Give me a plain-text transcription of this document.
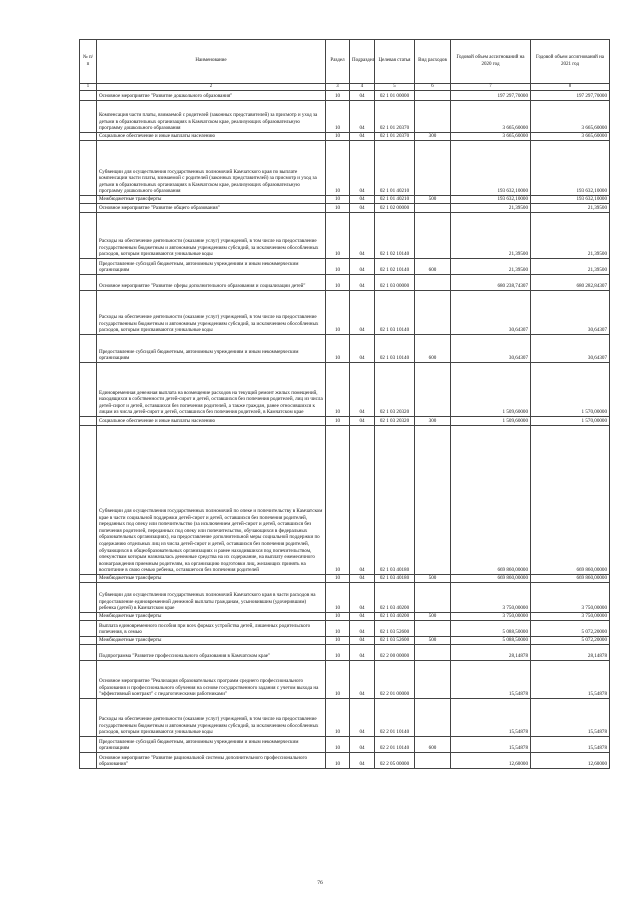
№ п/п	Наименование	Раздел	Подраздел	Целевая статья	Вид расходов	Годовой объем ассигнований на 2020 год	Годовой объем ассигнований на 2021 год
1	2	3	4	5	6	7	8
	Основное мероприятие "Развитие дошкольного образования"	10	04	02 1 01 00000		197 297,70000	197 297,70000
	Компенсация части платы, взимаемой с родителей (законных представителей) за присмотр и уход за детьми в образовательных организациях в Камчатском крае, реализующих образовательную программу дошкольного образования	10	04	02 1 01 20370		3 665,60000	3 665,60000
	Социальное обеспечение и иные выплаты населению	10	04	02 1 01 20370	300	3 665,60000	3 665,60000
	Субвенции для осуществления государственных полномочий Камчатского края по выплате компенсации части платы, взимаемой с родителей (законных представителей) за присмотр и уход за детьми в образовательных организациях в Камчатском крае, реализующих образовательную программу дошкольного образования	10	04	02 1 01 40210		193 632,10000	193 632,10000
	Межбюджетные трансферты	10	04	02 1 01 40210	500	193 632,10000	193 632,10000
	Основное мероприятие "Развитие общего образования"	10	04	02 1 02 00000		21,39500	21,39500
	Расходы на обеспечение деятельности (оказание услуг) учреждений, в том числе на предоставление государственным бюджетным и автономным учреждениям субсидий, за исключением обособленных расходов, которым присваиваются уникальные коды	10	04	02 1 02 10140		21,39500	21,39500
	Предоставление субсидий бюджетным, автономным учреждениям и иным некоммерческим организациям	10	04	02 1 02 10140	600	21,39500	21,39500
	Основное мероприятие "Развитие сферы дополнительного образования и социализации детей"	10	04	02 1 03 00000		680 238,74307	680 282,84307
	Расходы на обеспечение деятельности (оказание услуг) учреждений, в том числе на предоставление государственным бюджетным и автономным учреждениям субсидий, за исключением обособленных расходов, которым присваиваются уникальные коды	10	04	02 1 03 10140		30,64307	30,64307
	Предоставление субсидий бюджетным, автономным учреждениям и иным некоммерческим организациям	10	04	02 1 03 10140	600	30,64307	30,64307
	Единовременная денежная выплата на возмещение расходов на текущий ремонт жилых помещений, находящихся в собственности детей-сирот и детей, оставшихся без попечения родителей, лиц из числа детей-сирот и детей, оставшихся без попечения родителей, а также граждан, ранее относившихся к лицам из числа детей-сирот и детей, оставшихся без попечения родителей, в Камчатском крае	10	04	02 1 03 20320		1 509,60000	1 570,00000
	Социальное обеспечение и иные выплаты населению	10	04	02 1 03 20320	300	1 509,60000	1 570,00000
	Субвенции для осуществления государственных полномочий по опеке и попечительству в Камчатском крае в части социальной поддержки детей-сирот и детей, оставшихся без попечения родителей, переданных под опеку или попечительство (за исключением детей-сирот и детей, оставшихся без попечения родителей, переданных под опеку или попечительство, обучающихся в федеральных образовательных организациях), на предоставление дополнительной меры социальной поддержки по содержанию отдельных лиц из числа детей-сирот и детей, оставшихся без попечения родителей, обучающихся в общеобразовательных организациях и ранее находившихся под попечительством, опекунствам которым назначалась денежные средства на их содержание, на выплату ежемесячного вознаграждения приемным родителям, на организацию подготовки лиц, желающих принять на воспитание в свою семью ребенка, оставшегося без попечения родителей	10	04	02 1 03 40180		669 860,00000	669 860,00000
	Межбюджетные трансферты	10	04	02 1 03 40180	500	669 860,00000	669 860,00000
	Субвенции для осуществления государственных полномочий Камчатского края в части расходов на предоставление единовременной денежной выплаты гражданам, усыновившим (удочерившим) ребенка (детей) в Камчатском крае	10	04	02 1 03 40200		3 750,00000	3 750,00000
	Межбюджетные трансферты	10	04	02 1 03 40200	500	3 750,00000	3 750,00000
	Выплата единовременного пособия при всех формах устройства детей, лишенных родительского попечения, в семью	10	04	02 1 03 52600		5 088,50000	5 072,20000
	Межбюджетные трансферты	10	04	02 1 03 52600	500	5 088,50000	5 072,20000
	Подпрограмма "Развитие профессионального образования в Камчатском крае"	10	04	02 2 00 00000		28,14878	28,14878
	Основное мероприятие "Реализация образовательных программ среднего профессионального образования и профессионального обучения на основе государственного задания с учетом выхода на "эффективный контракт" с педагогическими работниками"	10	04	02 2 01 00000		15,54878	15,54878
	Расходы на обеспечение деятельности (оказание услуг) учреждений, в том числе на предоставление государственным бюджетным и автономным учреждениям субсидий, за исключением обособленных расходов, которым присваиваются уникальные коды	10	04	02 2 01 10140		15,54878	15,54878
	Предоставление субсидий бюджетным, автономным учреждениям и иным некоммерческим организациям	10	04	02 2 01 10140	600	15,54878	15,54878
	Основное мероприятие "Развитие рациональной системы дополнительного профессионального образования"	10	04	02 2 05 00000		12,60000	12,60000
76
